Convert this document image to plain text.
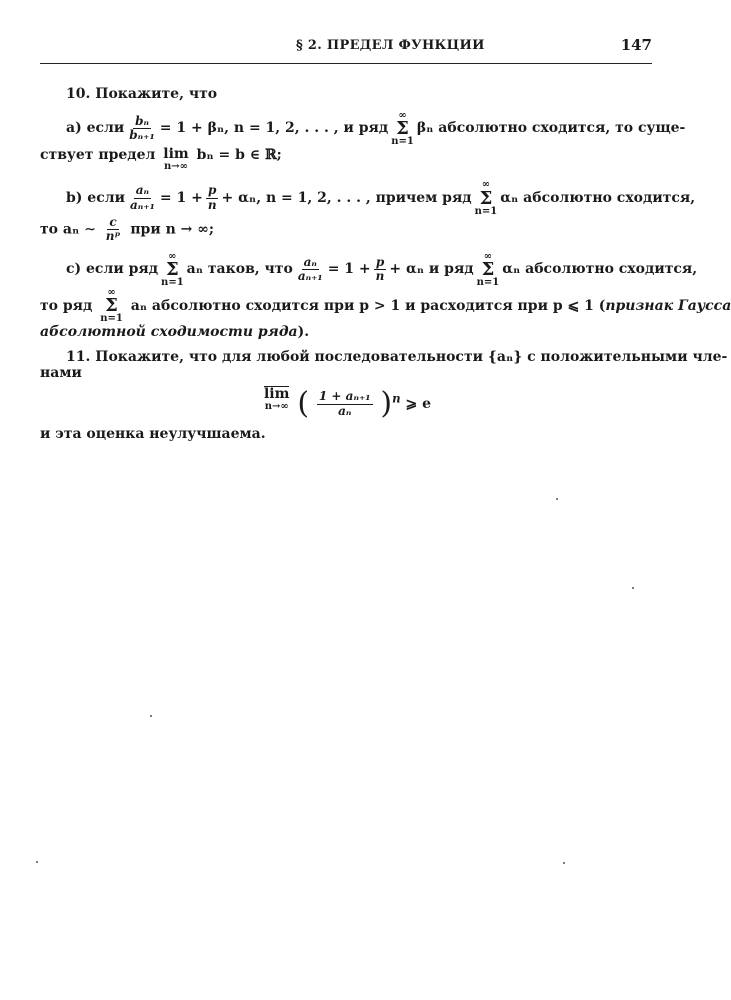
§ 2. ПРЕДЕЛ ФУНКЦИИ	147
10. Покажите, что
а) если $\frac{\text{bₙ}}{\text{bₙ₊₁}} = 1 + \beta_n$, n = 1, 2, . . . , и ряд
∞
Σ
n=1
βₙ абсолютно сходится, то суще-
ствует предел lim
n→∞
bₙ = b ∈ ℝ;
b) если $\frac{\text{aₙ}}{\text{aₙ₊₁}} = 1 + \frac{p}{n} + \alpha_n$, n = 1, 2, . . . , причем ряд
∞
Σ
n=1
αₙ абсолютно сходится,
то aₙ ∼ $\frac{c}{\text{nᵖ}}$ при n → ∞;
с) если ряд
∞
Σ
n=1
aₙ таков, что $\frac{\text{aₙ}}{\text{aₙ₊₁}} = 1 + \frac{p}{n} + \alpha_n$ и ряд
∞
Σ
n=1
αₙ абсолютно сходится,
то ряд
∞
Σ
n=1
aₙ абсолютно сходится при p > 1 и расходится при p ⩽ 1 (признак Гаусса
абсолютной сходимости ряда).
11. Покажите, что для любой последовательности {aₙ} с положительными чле-
нами
lim
n→∞ ( $\frac{\text{1 + aₙ₊₁}}{\text{aₙ}} )^n$ ⩾ e
и эта оценка неулучшаема.
